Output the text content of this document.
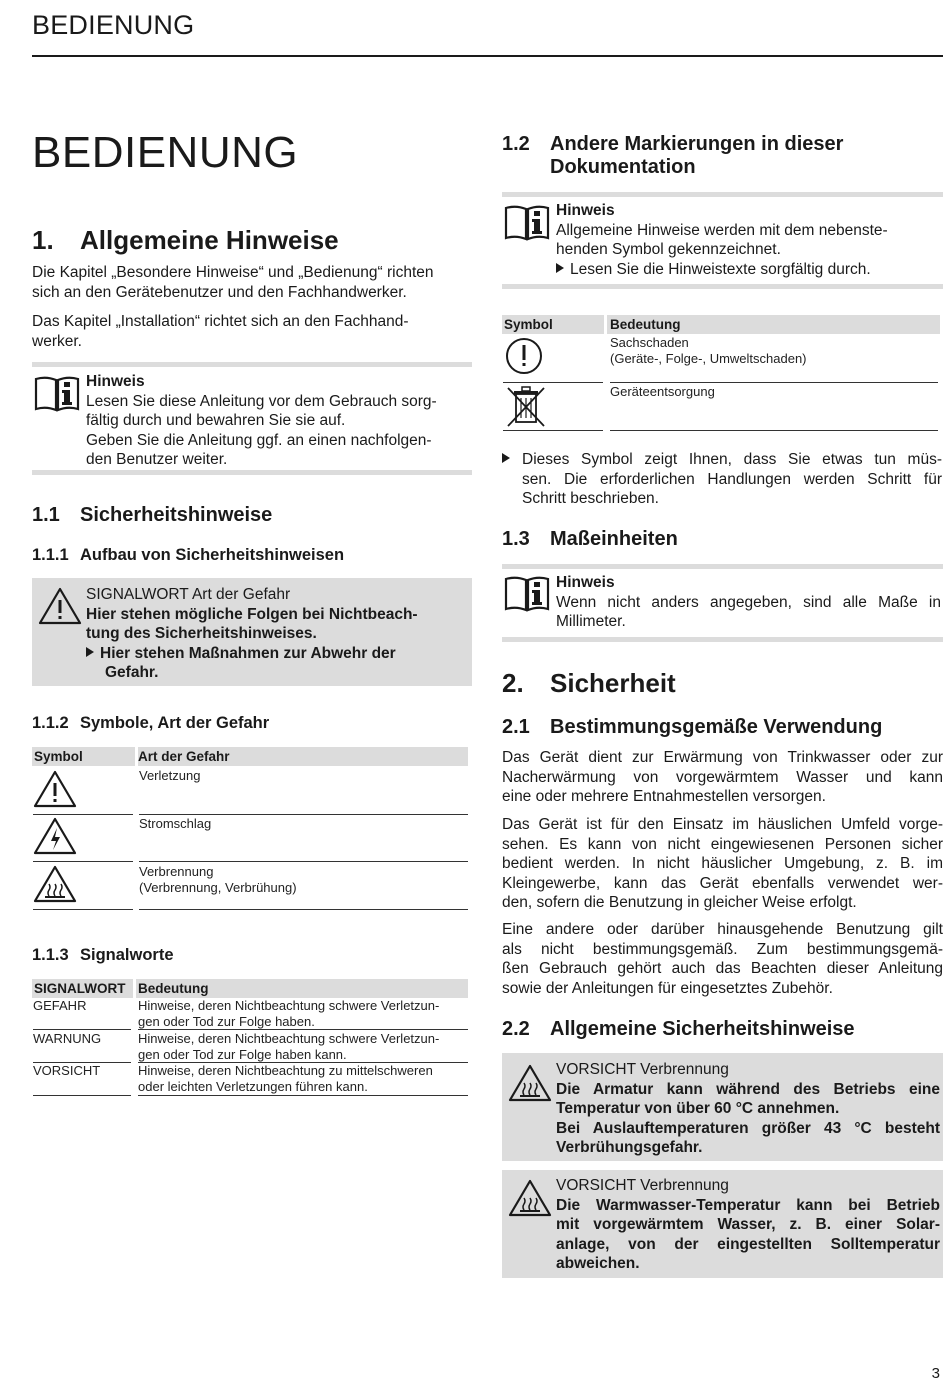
BEDIENUNG
BEDIENUNG
1.	Allgemeine Hinweise
Die Kapitel „Besondere Hinweise“ und „Bedienung“ richten
sich an den Gerätebenutzer und den Fachhandwerker.
Das Kapitel „Installation“ richtet sich an den Fachhand-
werker.
Hinweis
Lesen Sie diese Anleitung vor dem Gebrauch sorg-
fältig durch und bewahren Sie sie auf.
Geben Sie die Anleitung ggf. an einen nachfolgen-
den Benutzer weiter.
1.1	Sicherheitshinweise
1.1.1 Aufbau von Sicherheitshinweisen
SIGNALWORT Art der Gefahr
Hier stehen mögliche Folgen bei Nichtbeach-
tung des Sicherheitshinweises.
Hier stehen Maßnahmen zur Abwehr der
Gefahr.
1.1.2 Symbole, Art der Gefahr
Symbol	Art der Gefahr
Verletzung
Stromschlag
Verbrennung
(Verbrennung, Verbrühung)
1.1.3 Signalworte
SIGNALWORT Bedeutung
GEFAHR	Hinweise, deren Nichtbeachtung schwere Verletzun-
gen oder Tod zur Folge haben.
WARNUNG	Hinweise, deren Nichtbeachtung schwere Verletzun-
gen oder Tod zur Folge haben kann.
VORSICHT	Hinweise, deren Nichtbeachtung zu mittelschweren
oder leichten Verletzungen führen kann.
1.2	Andere Markierungen in dieser
Dokumentation
Hinweis
Allgemeine Hinweise werden mit dem nebenste-
henden Symbol gekennzeichnet.
Lesen Sie die Hinweistexte sorgfältig durch.
Symbol	Bedeutung
Sachschaden
(Geräte-, Folge-, Umweltschaden)
Geräteentsorgung
Dieses Symbol zeigt Ihnen, dass Sie etwas tun müs-
sen. Die erforderlichen Handlungen werden Schritt für
Schritt beschrieben.
1.3	Maßeinheiten
Hinweis
Wenn nicht anders angegeben, sind alle Maße in
Millimeter.
2.	Sicherheit
2.1	Bestimmungsgemäße Verwendung
Das Gerät dient zur Erwärmung von Trinkwasser oder zur
Nacherwärmung von vorgewärmtem Wasser und kann
eine oder mehrere Entnahmestellen versorgen.
Das Gerät ist für den Einsatz im häuslichen Umfeld vorge-
sehen. Es kann von nicht eingewiesenen Personen sicher
bedient werden. In nicht häuslicher Umgebung, z. B. im
Kleingewerbe, kann das Gerät ebenfalls verwendet wer-
den, sofern die Benutzung in gleicher Weise erfolgt.
Eine andere oder darüber hinausgehende Benutzung gilt
als nicht bestimmungsgemäß. Zum bestimmungsgemä-
ßen Gebrauch gehört auch das Beachten dieser Anleitung
sowie der Anleitungen für eingesetztes Zubehör.
2.2	Allgemeine Sicherheitshinweise
VORSICHT Verbrennung
Die Armatur kann während des Betriebs eine
Temperatur von über 60 °C annehmen.
Bei Auslauftemperaturen größer 43 °C besteht
Verbrühungsgefahr.
VORSICHT Verbrennung
Die Warmwasser-Temperatur kann bei Betrieb
mit vorgewärmtem Wasser, z. B. einer Solar-
anlage, von der eingestellten Solltemperatur
abweichen.
3
